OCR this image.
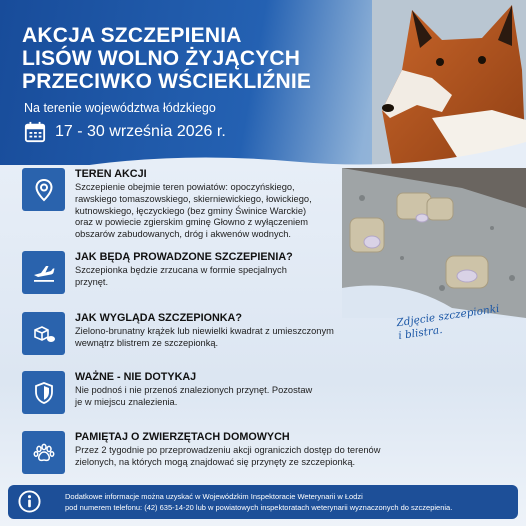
AKCJA SZCZEPIENIA
LISÓW WOLNO ŻYJĄCYCH
PRZECIWKO WŚCIEKLIŹNIE
Na terenie województwa łódzkiego
17 - 30 września 2026 r.
Zdjęcie szczepionki
i blistra.
TEREN AKCJI
Szczepienie obejmie teren powiatów: opoczyńskiego,
rawskiego tomaszowskiego, skierniewickiego, łowickiego,
kutnowskiego, łęczyckiego (bez gminy Świnice Warckie)
oraz w powiecie zgierskim gminę Głowno z wyłączeniem
obszarów zabudowanych, dróg i akwenów wodnych.
JAK BĘDĄ PROWADZONE SZCZEPIENIA?
Szczepionka będzie zrzucana w formie specjalnych
przynęt.
JAK WYGLĄDA SZCZEPIONKA?
Zielono-brunatny krążek lub niewielki kwadrat z umieszczonym
wewnątrz blistrem ze szczepionką.
WAŻNE - NIE DOTYKAJ
Nie podnoś i nie przenoś znalezionych przynęt. Pozostaw
je w miejscu znalezienia.
PAMIĘTAJ O ZWIERZĘTACH DOMOWYCH
Przez 2 tygodnie po przeprowadzeniu akcji ograniczich dostęp do terenów
zielonych, na których mogą znajdować się przynęty ze szczepionką.
Dodatkowe informacje można uzyskać w Wojewódzkim Inspektoracie Weterynarii w Łodzi
pod numerem telefonu: (42) 635-14-20 lub w powiatowych inspektoratach weterynarii wyznaczonych do szczepienia.
